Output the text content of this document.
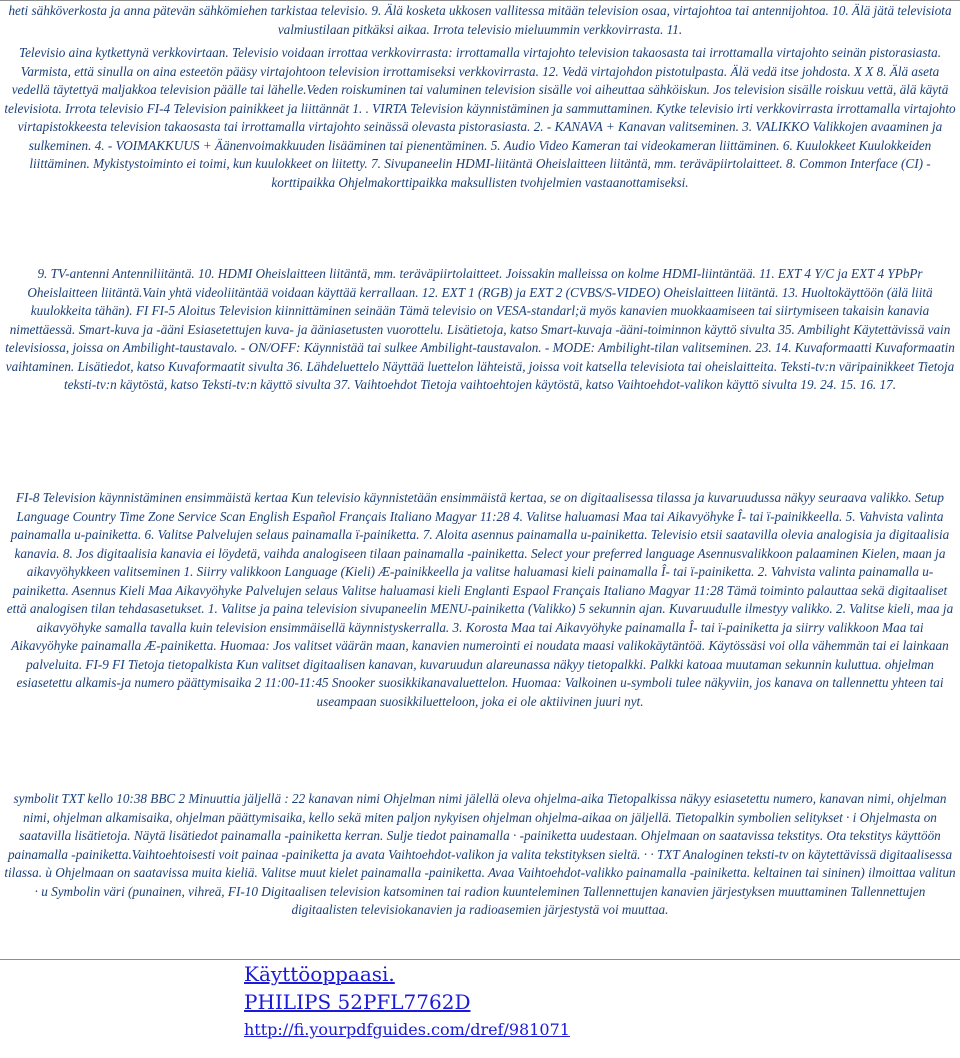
heti sähköverkosta ja anna pätevän sähkömiehen tarkistaa televisio. 9. Älä kosketa ukkosen vallitessa mitään television osaa, virtajohtoa tai antennijohtoa. 10. Älä jätä televisiota valmiustilaan pitkäksi aikaa. Irrota televisio mieluummin verkkovirrasta. 11.
Televisio aina kytkettynä verkkovirtaan. Televisio voidaan irrottaa verkkovirrasta: irrottamalla virtajohto television takaosasta tai irrottamalla virtajohto seinän pistorasiasta. Varmista, että sinulla on aina esteetön pääsy virtajohtoon television irrottamiseksi verkkovirrasta. 12. Vedä virtajohdon pistotulpasta. Älä vedä itse johdosta. X X 8. Älä aseta vedellä täytettyä maljakkoa television päälle tai lähelle.Veden roiskuminen tai valuminen television sisälle voi aiheuttaa sähköiskun. Jos television sisälle roiskuu vettä, älä käytä televisiota. Irrota televisio FI-4 Television painikkeet ja liittännät 1. . VIRTA Television käynnistäminen ja sammuttaminen. Kytke televisio irti verkkovirrasta irrottamalla virtajohto virtapistokkeesta television takaosasta tai irrottamalla virtajohto seinässä olevasta pistorasiasta. 2. - KANAVA + Kanavan valitseminen. 3. VALIKKO Valikkojen avaaminen ja sulkeminen. 4. - VOIMAKKUUS + Äänenvoimakkuuden lisääminen tai pienentäminen. 5. Audio Video Kameran tai videokameran liittäminen. 6. Kuulokkeet Kuulokkeiden liittäminen. Mykistystoiminto ei toimi, kun kuulokkeet on liitetty. 7. Sivupaneelin HDMI-liitäntä Oheislaitteen liitäntä, mm. teräväpiirtolaitteet. 8. Common Interface (CI) - korttipaikka Ohjelmakorttipaikka maksullisten tvohjelmien vastaanottamiseksi.
9. TV-antenni Antenniliitäntä. 10. HDMI Oheislaitteen liitäntä, mm. teräväpiirtolaitteet. Joissakin malleissa on kolme HDMI-liintäntää. 11. EXT 4 Y/C ja EXT 4 YPbPr Oheislaitteen liitäntä.Vain yhtä videoliitäntää voidaan käyttää kerrallaan. 12. EXT 1 (RGB) ja EXT 2 (CVBS/S-VIDEO) Oheislaitteen liitäntä. 13. Huoltokäyttöön (älä liitä kuulokkeita tähän). FI FI-5 Aloitus Television kiinnittäminen seinään Tämä televisio on VESA-standarl;ä myös kanavien muokkaamiseen tai siirtymiseen takaisin kanavia nimettäessä. Smart-kuva ja -ääni Esiasetettujen kuva- ja ääniasetusten vuorottelu. Lisätietoja, katso Smart-kuvaja -ääni-toiminnon käyttö sivulta 35. Ambilight Käytettävissä vain televisiossa, joissa on Ambilight-taustavalo. - ON/OFF: Käynnistää tai sulkee Ambilight-taustavalon. - MODE: Ambilight-tilan valitseminen. 23. 14. Kuvaformaatti Kuvaformaatin vaihtaminen. Lisätiedot, katso Kuvaformaatit sivulta 36. Lähdeluettelo Näyttää luettelon lähteistä, joissa voit katsella televisiota tai oheislaitteita. Teksti-tv:n väripainikkeet Tietoja teksti-tv:n käytöstä, katso Teksti-tv:n käyttö sivulta 37. Vaihtoehdot Tietoja vaihtoehtojen käytöstä, katso Vaihtoehdot-valikon käyttö sivulta 19. 24. 15. 16. 17.
FI-8 Television käynnistäminen ensimmäistä kertaa Kun televisio käynnistetään ensimmäistä kertaa, se on digitaalisessa tilassa ja kuvaruudussa näkyy seuraava valikko. Setup Language Country Time Zone Service Scan English Español Français Italiano Magyar 11:28 4. Valitse haluamasi Maa tai Aikavyöhyke Î- tai ï-painikkeella. 5. Vahvista valinta painamalla u-painiketta. 6. Valitse Palvelujen selaus painamalla ï-painiketta. 7. Aloita asennus painamalla u-painiketta. Televisio etsii saatavilla olevia analogisia ja digitaalisia kanavia. 8. Jos digitaalisia kanavia ei löydetä, vaihda analogiseen tilaan painamalla -painiketta. Select your preferred language Asennusvalikkoon palaaminen Kielen, maan ja aikavyöhykkeen valitseminen 1. Siirry valikkoon Language (Kieli) Æ-painikkeella ja valitse haluamasi kieli painamalla Î- tai ï-painiketta. 2. Vahvista valinta painamalla u-painiketta. Asennus Kieli Maa Aikavyöhyke Palvelujen selaus Valitse haluamasi kieli Englanti Espaol Français Italiano Magyar 11:28 Tämä toiminto palauttaa sekä digitaaliset että analogisen tilan tehdasasetukset. 1. Valitse ja paina television sivupaneelin MENU-painiketta (Valikko) 5 sekunnin ajan. Kuvaruudulle ilmestyy valikko. 2. Valitse kieli, maa ja aikavyöhyke samalla tavalla kuin television ensimmäisellä käynnistyskerralla. 3. Korosta Maa tai Aikavyöhyke painamalla Î- tai ï-painiketta ja siirry valikkoon Maa tai Aikavyöhyke painamalla Æ-painiketta. Huomaa: Jos valitset väärän maan, kanavien numerointi ei noudata maasi valikokäytäntöä. Käytössäsi voi olla vähemmän tai ei lainkaan palveluita. FI-9 FI Tietoja tietopalkista Kun valitset digitaalisen kanavan, kuvaruudun alareunassa näkyy tietopalkki. Palkki katoaa muutaman sekunnin kuluttua. ohjelman esiasetettu alkamis-ja numero päättymisaika 2 11:00-11:45 Snooker suosikkikanavaluettelon. Huomaa: Valkoinen u-symboli tulee näkyviin, jos kanava on tallennettu yhteen tai useampaan suosikkiluetteloon, joka ei ole aktiivinen juuri nyt.
symbolit TXT kello 10:38 BBC 2 Minuuttia jäljellä : 22 kanavan nimi Ohjelman nimi jälellä oleva ohjelma-aika Tietopalkissa näkyy esiasetettu numero, kanavan nimi, ohjelman nimi, ohjelman alkamisaika, ohjelman päättymisaika, kello sekä miten paljon nykyisen ohjelman ohjelma-aikaa on jäljellä. Tietopalkin symbolien selitykset · i Ohjelmasta on saatavilla lisätietoja. Näytä lisätiedot painamalla -painiketta kerran. Sulje tiedot painamalla · -painiketta uudestaan. Ohjelmaan on saatavissa tekstitys. Ota tekstitys käyttöön painamalla -painiketta.Vaihtoehtoisesti voit painaa -painiketta ja avata Vaihtoehdot-valikon ja valita tekstityksen sieltä. · · TXT Analoginen teksti-tv on käytettävissä digitaalisessa tilassa. ù Ohjelmaan on saatavissa muita kieliä. Valitse muut kielet painamalla -painiketta. Avaa Vaihtoehdot-valikko painamalla -painiketta. keltainen tai sininen) ilmoittaa valitun · u Symbolin väri (punainen, vihreä, FI-10 Digitaalisen television katsominen tai radion kuunteleminen Tallennettujen kanavien järjestyksen muuttaminen Tallennettujen digitaalisten televisiokanavien ja radioasemien järjestystä voi muuttaa.
Käyttöoppaasi.
PHILIPS 52PFL7762D
http://fi.yourpdfguides.com/dref/981071
